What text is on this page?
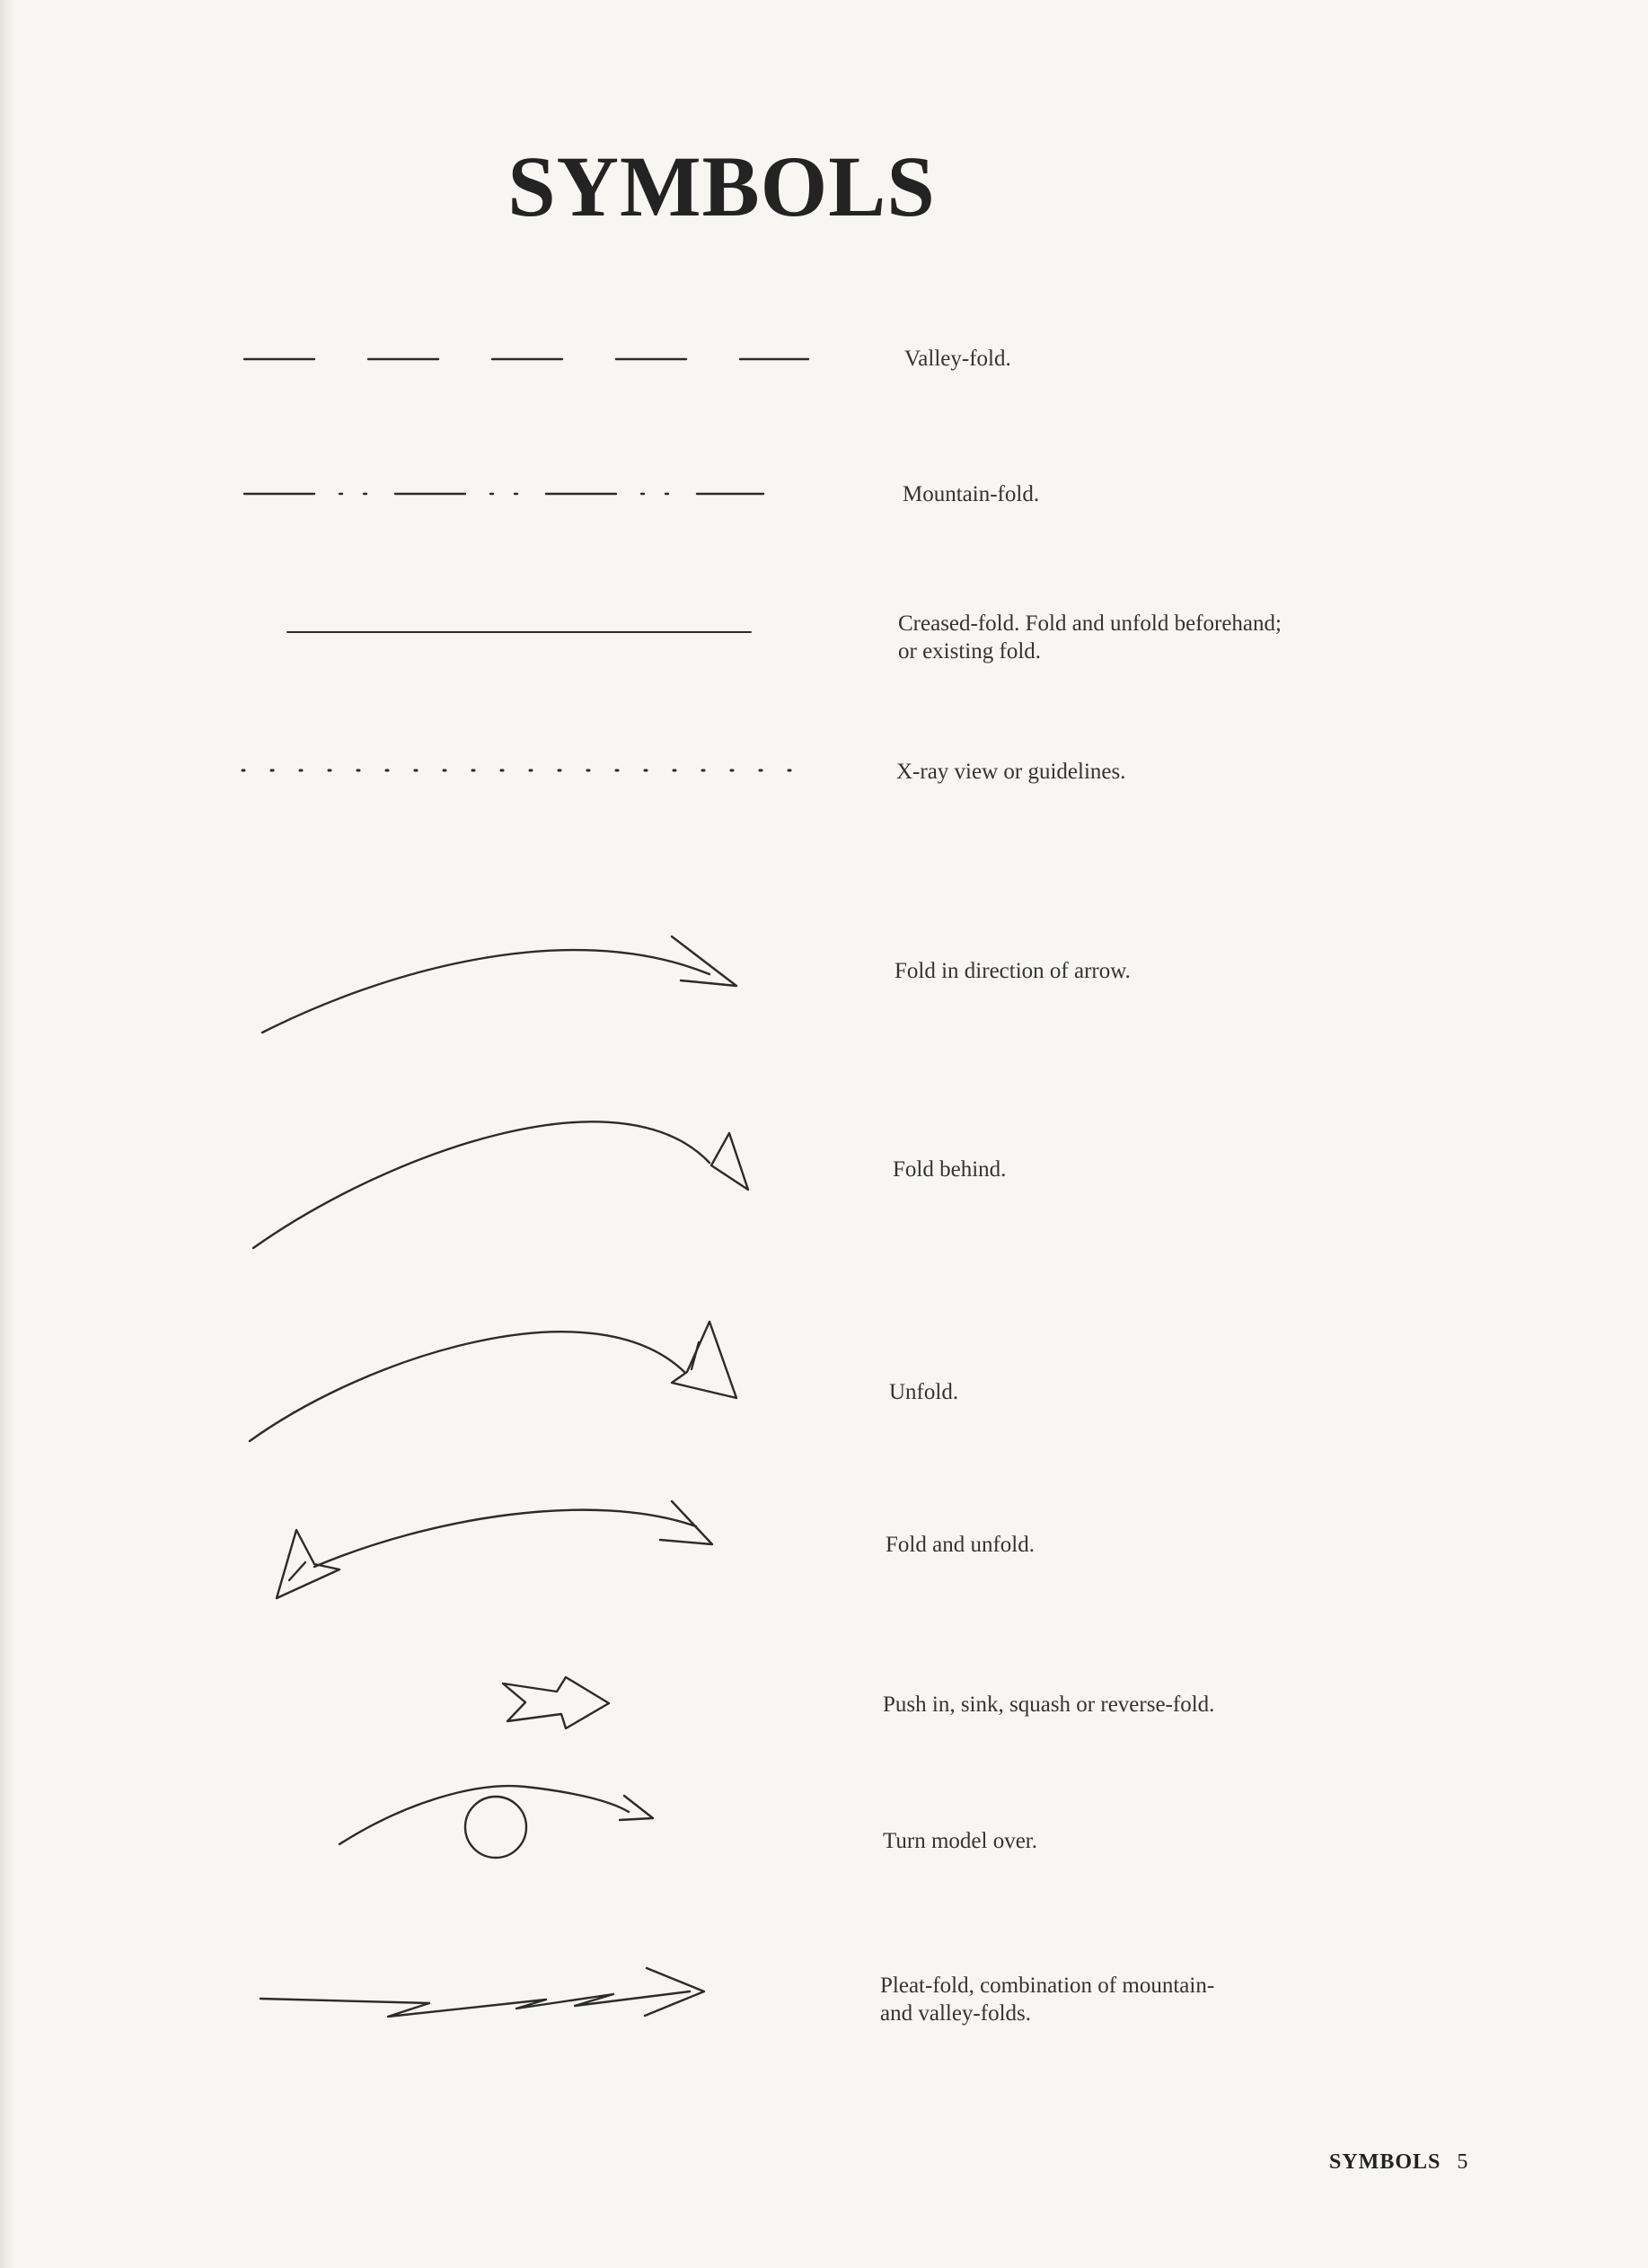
SYMBOLS
Valley-fold.
Mountain-fold.
Creased-fold. Fold and unfold beforehand;
or existing fold.
X-ray view or guidelines.
Fold in direction of arrow.
Fold behind.
Unfold.
Fold and unfold.
Push in, sink, squash or reverse-fold.
Turn model over.
Pleat-fold, combination of mountain-
and valley-folds.
SYMBOLS 5
